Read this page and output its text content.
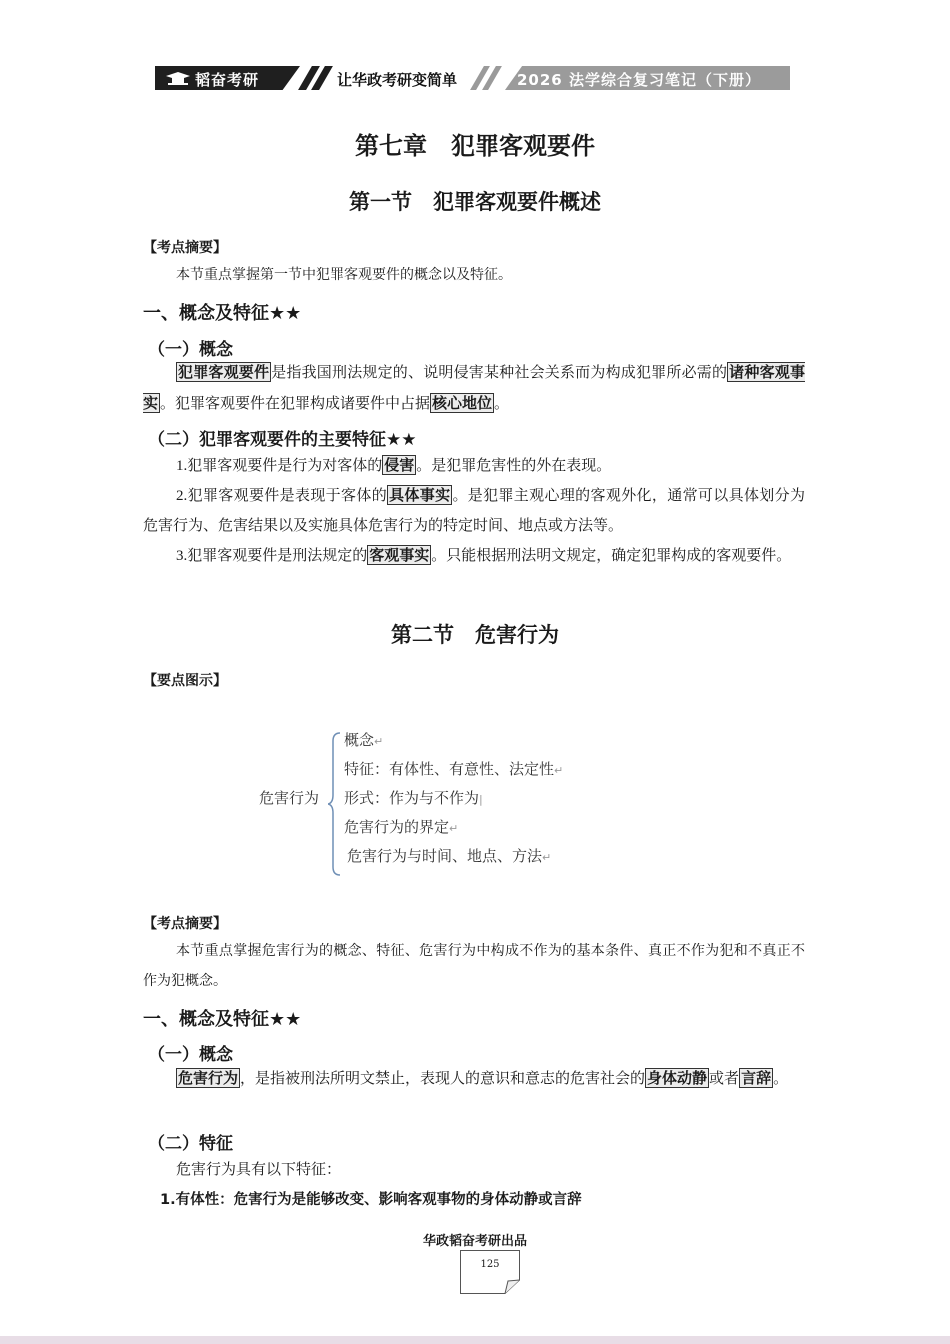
韬奋考研	让华政考研变简单	2026 法学综合复习笔记（下册）
第七章　犯罪客观要件
第一节　犯罪客观要件概述
【考点摘要】
本节重点掌握第一节中犯罪客观要件的概念以及特征。
一、概念及特征★★
（一）概念
犯罪客观要件 是指我国刑法规定的、说明侵害某种社会关系而为构成犯罪所必需的 诸种客观事实 。犯罪客观要件在犯罪构成诸要件中占据 核心地位 。
（二）犯罪客观要件的主要特征★★
1.犯罪客观要件是行为对客体的 侵害 。是犯罪危害性的外在表现。
2.犯罪客观要件是表现于客体的 具体事实 。是犯罪主观心理的客观外化，通常可以具体划分为危害行为、危害结果以及实施具体危害行为的特定时间、地点或方法等。
3.犯罪客观要件是刑法规定的 客观事实 。只能根据刑法明文规定，确定犯罪构成的客观要件。
第二节　危害行为
【要点图示】
危害行为
概念↵
特征：有体性、有意性、法定性↵
形式：作为与不作为|
危害行为的界定↵
危害行为与时间、地点、方法↵
【考点摘要】
本节重点掌握危害行为的概念、特征、危害行为中构成不作为的基本条件、真正不作为犯和不真正不作为犯概念。
一、概念及特征★★
（一）概念
危害行为 ，是指被刑法所明文禁止，表现人的意识和意志的危害社会的 身体动静 或者 言辞 。
（二）特征
危害行为具有以下特征：
1.有体性：危害行为是能够改变、影响客观事物的身体动静或言辞
华政韬奋考研出品
125
